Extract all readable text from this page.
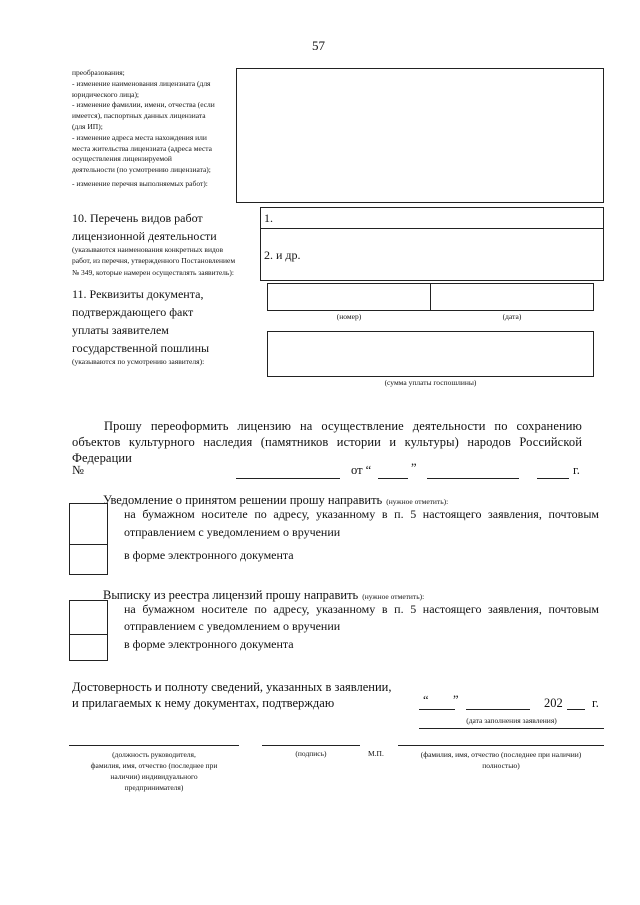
57
преобразования;
- изменение наименования лицензиата (для
юридического лица);
- изменение фамилии, имени, отчества (если
имеется), паспортных данных лицензиата
(для ИП);
- изменение адреса места нахождения или
места жительства лицензиата (адреса места
осуществления лицензируемой
деятельности (по усмотрению лицензиата);
- изменение перечня выполняемых работ):
10. Перечень видов работ
лицензионной деятельности
(указываются наименования конкретных видов
работ, из перечня, утвержденного Постановлением
№ 349, которые намерен осуществлять заявитель):
1.
2. и др.
11. Реквизиты документа,
подтверждающего факт
уплаты заявителем
государственной пошлины
(указываются по усмотрению заявителя):
(номер)	(дата)
(сумма уплаты госпошлины)
Прошу переоформить лицензию на осуществление деятельности по сохранению объектов культурного наследия (памятников истории и культуры) народов Российской Федерации
№	от “	”	г.
Уведомление о принятом решении прошу направить (нужное отметить):
на бумажном носителе по адресу, указанному в п. 5 настоящего заявления, почтовым
отправлением с уведомлением о вручении
в форме электронного документа
Выписку из реестра лицензий прошу направить (нужное отметить):
на бумажном носителе по адресу, указанному в п. 5 настоящего заявления, почтовым
отправлением с уведомлением о вручении
в форме электронного документа
Достоверность и полноту сведений, указанных в заявлении,
и прилагаемых к нему документах, подтверждаю	“ ”	202 г.
(дата заполнения заявления)
(должность руководителя,
фамилия, имя, отчество (последнее при
наличии) индивидуального
предпринимателя)
(подпись)	М.П.	(фамилия, имя, отчество (последнее при наличии)
полностью)
